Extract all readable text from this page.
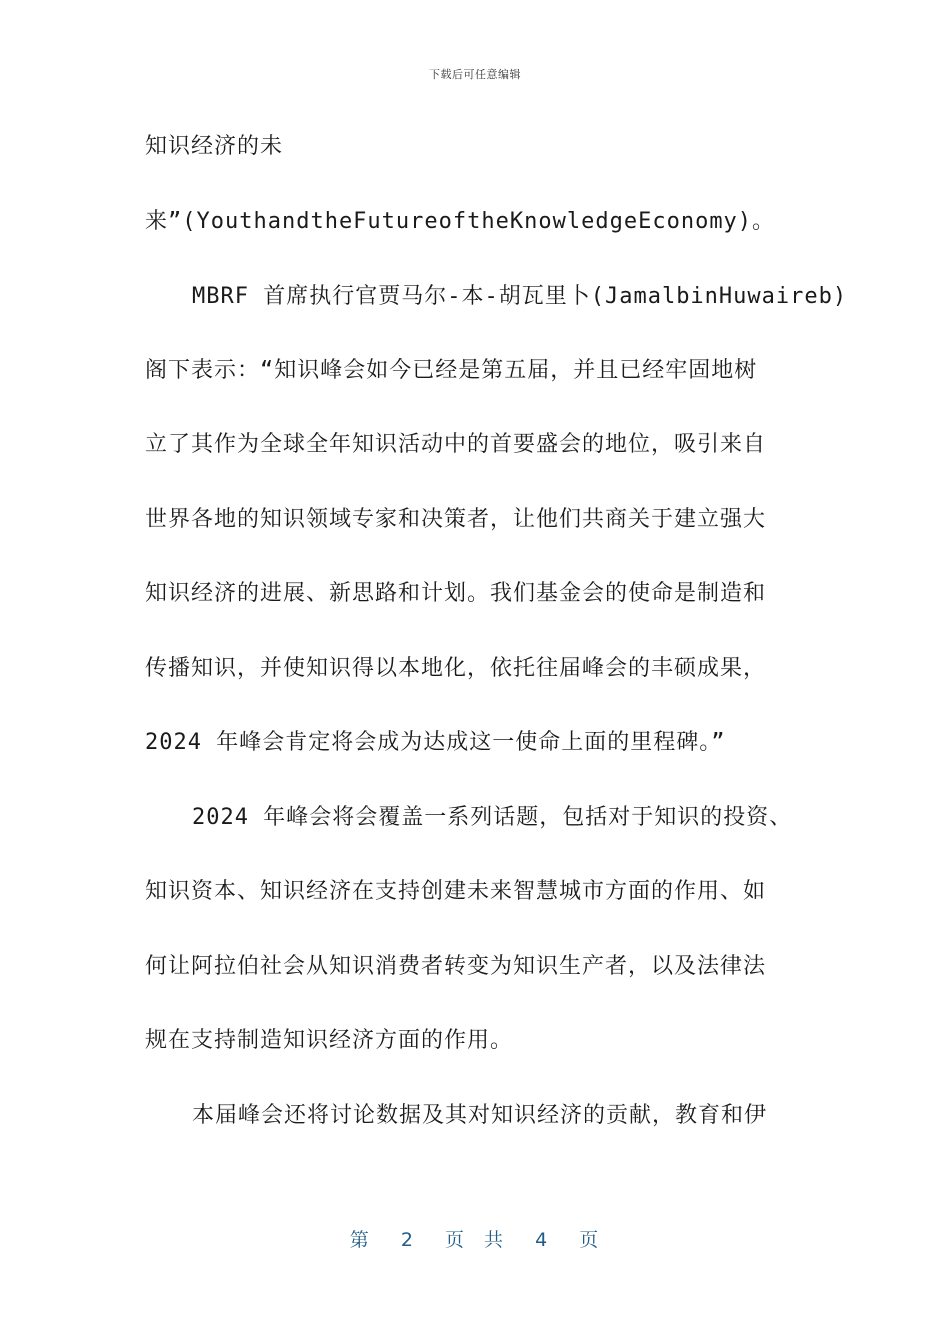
下载后可任意编辑
知识经济的未
来”(YouthandtheFutureoftheKnowledgeEconomy)。
MBRF 首席执行官贾马尔-本-胡瓦里卜(JamalbinHuwaireb)
阁下表示：“知识峰会如今已经是第五届，并且已经牢固地树
立了其作为全球全年知识活动中的首要盛会的地位，吸引来自
世界各地的知识领域专家和决策者，让他们共商关于建立强大
知识经济的进展、新思路和计划。我们基金会的使命是制造和
传播知识，并使知识得以本地化，依托往届峰会的丰硕成果，
2024 年峰会肯定将会成为达成这一使命上面的里程碑。”
2024 年峰会将会覆盖一系列话题，包括对于知识的投资、
知识资本、知识经济在支持创建未来智慧城市方面的作用、如
何让阿拉伯社会从知识消费者转变为知识生产者，以及法律法
规在支持制造知识经济方面的作用。
本届峰会还将讨论数据及其对知识经济的贡献，教育和伊
第 2 页 共 4 页
